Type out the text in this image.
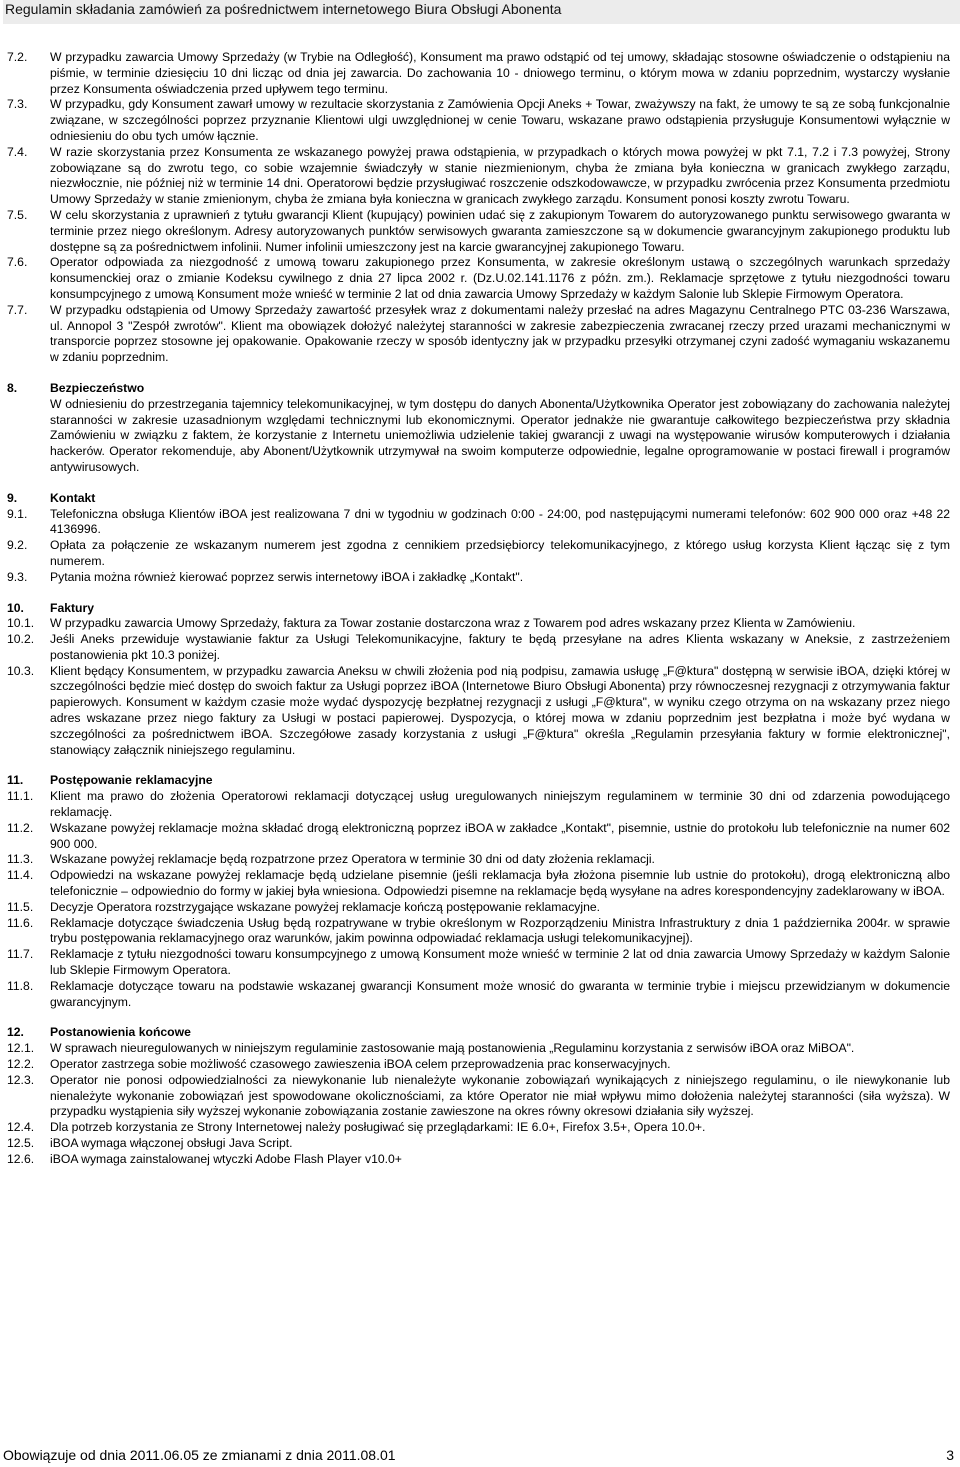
Regulamin składania zamówień za pośrednictwem internetowego Biura Obsługi Abonenta
7.2.	W przypadku zawarcia Umowy Sprzedaży (w Trybie na Odległość), Konsument ma prawo odstąpić od tej umowy, składając stosowne oświadczenie o odstąpieniu na piśmie, w terminie dziesięciu 10 dni licząc od dnia jej zawarcia. Do zachowania 10 - dniowego terminu, o którym mowa w zdaniu poprzednim, wystarczy wysłanie przez Konsumenta oświadczenia przed upływem tego terminu.
7.3.	W przypadku, gdy Konsument zawarł umowy w rezultacie skorzystania z Zamówienia Opcji Aneks + Towar, zważywszy na fakt, że umowy te są ze sobą funkcjonalnie związane, w szczególności poprzez przyznanie Klientowi ulgi uwzględnionej w cenie Towaru, wskazane prawo odstąpienia przysługuje Konsumentowi wyłącznie w odniesieniu do obu tych umów łącznie.
7.4.	W razie skorzystania przez Konsumenta ze wskazanego powyżej prawa odstąpienia, w przypadkach o których mowa powyżej w pkt 7.1, 7.2 i 7.3 powyżej, Strony zobowiązane są do zwrotu tego, co sobie wzajemnie świadczyły w stanie niezmienionym, chyba że zmiana była konieczna w granicach zwykłego zarządu, niezwłocznie, nie później niż w terminie 14 dni. Operatorowi będzie przysługiwać roszczenie odszkodowawcze, w przypadku zwrócenia przez Konsumenta przedmiotu Umowy Sprzedaży w stanie zmienionym, chyba że zmiana była konieczna w granicach zwykłego zarządu. Konsument ponosi koszty zwrotu Towaru.
7.5.	W celu skorzystania z uprawnień z tytułu gwarancji Klient (kupujący) powinien udać się z zakupionym Towarem do autoryzowanego punktu serwisowego gwaranta w terminie przez niego określonym. Adresy autoryzowanych punktów serwisowych gwaranta zamieszczone są w dokumencie gwarancyjnym zakupionego produktu lub dostępne są za pośrednictwem infolinii. Numer infolinii umieszczony jest na karcie gwarancyjnej zakupionego Towaru.
7.6.	Operator odpowiada za niezgodność z umową towaru zakupionego przez Konsumenta, w zakresie określonym ustawą o szczególnych warunkach sprzedaży konsumenckiej oraz o zmianie Kodeksu cywilnego z dnia 27 lipca 2002 r. (Dz.U.02.141.1176 z późn. zm.). Reklamacje sprzętowe z tytułu niezgodności towaru konsumpcyjnego z umową Konsument może wnieść w terminie 2 lat od dnia zawarcia Umowy Sprzedaży w każdym Salonie lub Sklepie Firmowym Operatora.
7.7.	W przypadku odstąpienia od Umowy Sprzedaży zawartość przesyłek wraz z dokumentami należy przesłać na adres Magazynu Centralnego PTC 03-236 Warszawa, ul. Annopol 3 "Zespół zwrotów". Klient ma obowiązek dołożyć należytej staranności w zakresie zabezpieczenia zwracanej rzeczy przed urazami mechanicznymi w transporcie poprzez stosowne jej opakowanie. Opakowanie rzeczy w sposób identyczny jak w przypadku przesyłki otrzymanej czyni zadość wymaganiu wskazanemu w zdaniu poprzednim.
8.	Bezpieczeństwo
W odniesieniu do przestrzegania tajemnicy telekomunikacyjnej, w tym dostępu do danych Abonenta/Użytkownika Operator jest zobowiązany do zachowania należytej staranności w zakresie uzasadnionym względami technicznymi lub ekonomicznymi. Operator jednakże nie gwarantuje całkowitego bezpieczeństwa przy składnia Zamówieniu w związku z faktem, że korzystanie z Internetu uniemożliwia udzielenie takiej gwarancji z uwagi na występowanie wirusów komputerowych i działania hackerów. Operator rekomenduje, aby Abonent/Użytkownik utrzymywał na swoim komputerze odpowiednie, legalne oprogramowanie w postaci firewall i programów antywirusowych.
9.	Kontakt
9.1.	Telefoniczna obsługa Klientów iBOA jest realizowana 7 dni w tygodniu w godzinach 0:00 - 24:00, pod następującymi numerami telefonów: 602 900 000 oraz +48 22 4136996.
9.2.	Opłata za połączenie ze wskazanym numerem jest zgodna z cennikiem przedsiębiorcy telekomunikacyjnego, z którego usług korzysta Klient łącząc się z tym numerem.
9.3.	Pytania można również kierować poprzez serwis internetowy iBOA i zakładkę „Kontakt".
10.	Faktury
10.1.	W przypadku zawarcia Umowy Sprzedaży, faktura za Towar zostanie dostarczona wraz z Towarem pod adres wskazany przez Klienta w Zamówieniu.
10.2.	Jeśli Aneks przewiduje wystawianie faktur za Usługi Telekomunikacyjne, faktury te będą przesyłane na adres Klienta wskazany w Aneksie, z zastrzeżeniem postanowienia pkt 10.3 poniżej.
10.3.	Klient będący Konsumentem, w przypadku zawarcia Aneksu w chwili złożenia pod nią podpisu, zamawia usługę „F@ktura" dostępną w serwisie iBOA, dzięki której w szczególności będzie mieć dostęp do swoich faktur za Usługi poprzez iBOA (Internetowe Biuro Obsługi Abonenta) przy równoczesnej rezygnacji z otrzymywania faktur papierowych. Konsument w każdym czasie może wydać dyspozycję bezpłatnej rezygnacji z usługi „F@ktura", w wyniku czego otrzyma on na wskazany przez niego adres wskazane przez niego faktury za Usługi w postaci papierowej. Dyspozycja, o której mowa w zdaniu poprzednim jest bezpłatna i może być wydana w szczególności za pośrednictwem iBOA. Szczegółowe zasady korzystania z usługi „F@ktura" określa „Regulamin przesyłania faktury w formie elektronicznej", stanowiący załącznik niniejszego regulaminu.
11.	Postępowanie reklamacyjne
11.1.	Klient ma prawo do złożenia Operatorowi reklamacji dotyczącej usług uregulowanych niniejszym regulaminem w terminie 30 dni od zdarzenia powodującego reklamację.
11.2.	Wskazane powyżej reklamacje można składać drogą elektroniczną poprzez iBOA w zakładce „Kontakt", pisemnie, ustnie do protokołu lub telefonicznie na numer 602 900 000.
11.3.	Wskazane powyżej reklamacje będą rozpatrzone przez Operatora w terminie 30 dni od daty złożenia reklamacji.
11.4.	Odpowiedzi na wskazane powyżej reklamacje będą udzielane pisemnie (jeśli reklamacja była złożona pisemnie lub ustnie do protokołu), drogą elektroniczną albo telefonicznie – odpowiednio do formy w jakiej była wniesiona. Odpowiedzi pisemne na reklamacje będą wysyłane na adres korespondencyjny zadeklarowany w iBOA.
11.5.	Decyzje Operatora rozstrzygające wskazane powyżej reklamacje kończą postępowanie reklamacyjne.
11.6.	Reklamacje dotyczące świadczenia Usług będą rozpatrywane w trybie określonym w Rozporządzeniu Ministra Infrastruktury z dnia 1 października 2004r. w sprawie trybu postępowania reklamacyjnego oraz warunków, jakim powinna odpowiadać reklamacja usługi telekomunikacyjnej).
11.7.	Reklamacje z tytułu niezgodności towaru konsumpcyjnego z umową Konsument może wnieść w terminie 2 lat od dnia zawarcia Umowy Sprzedaży w każdym Salonie lub Sklepie Firmowym Operatora.
11.8.	Reklamacje dotyczące towaru na podstawie wskazanej gwarancji Konsument może wnosić do gwaranta w terminie trybie i miejscu przewidzianym w dokumencie gwarancyjnym.
12.	Postanowienia końcowe
12.1.	W sprawach nieuregulowanych w niniejszym regulaminie zastosowanie mają postanowienia „Regulaminu korzystania z serwisów iBOA oraz MiBOA".
12.2.	Operator zastrzega sobie możliwość czasowego zawieszenia iBOA celem przeprowadzenia prac konserwacyjnych.
12.3.	Operator nie ponosi odpowiedzialności za niewykonanie lub nienależyte wykonanie zobowiązań wynikających z niniejszego regulaminu, o ile niewykonanie lub nienależyte wykonanie zobowiązań jest spowodowane okolicznościami, za które Operator nie miał wpływu mimo dołożenia należytej staranności (siła wyższa). W przypadku wystąpienia siły wyższej wykonanie zobowiązania zostanie zawieszone na okres równy okresowi działania siły wyższej.
12.4.	Dla potrzeb korzystania ze Strony Internetowej należy posługiwać się przeglądarkami: IE 6.0+, Firefox 3.5+, Opera 10.0+.
12.5.	iBOA wymaga włączonej obsługi Java Script.
12.6.	iBOA wymaga zainstalowanej wtyczki Adobe Flash Player v10.0+
Obowiązuje od dnia 2011.06.05 ze zmianami z dnia 2011.08.01	3
